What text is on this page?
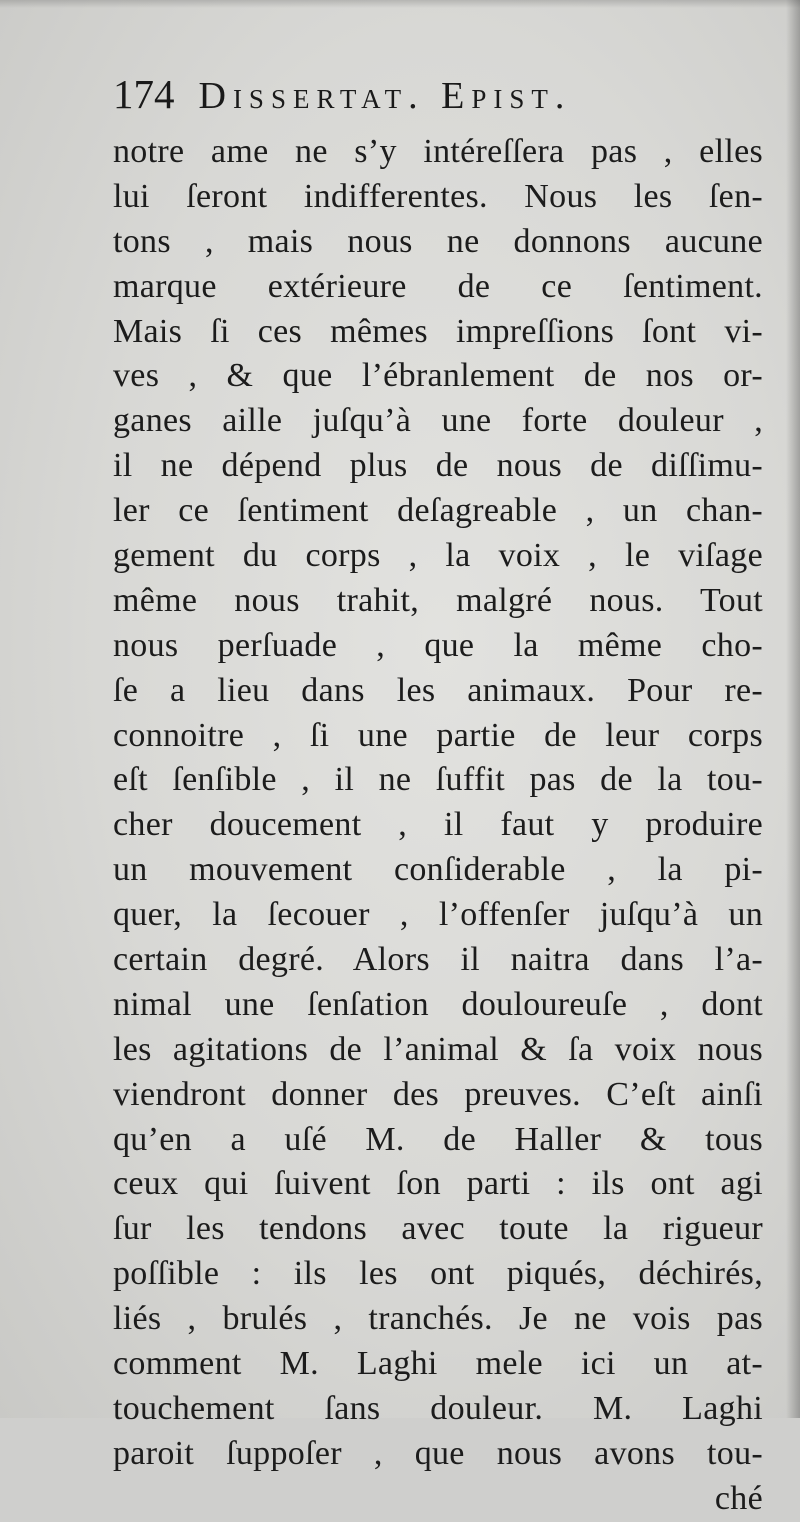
174 Dissertat. Epist.
notre ame ne s’y intéreſſera pas , elles
lui ſeront indifferentes. Nous les ſen-
tons , mais nous ne donnons aucune
marque extérieure de ce ſentiment.
Mais ſi ces mêmes impreſſions ſont vi-
ves , & que l’ébranlement de nos or-
ganes aille juſqu’à une forte douleur ,
il ne dépend plus de nous de diſſimu-
ler ce ſentiment deſagreable , un chan-
gement du corps , la voix , le viſage
même nous trahit, malgré nous. Tout
nous perſuade , que la même cho-
ſe a lieu dans les animaux. Pour re-
connoitre , ſi une partie de leur corps
eſt ſenſible , il ne ſuffit pas de la tou-
cher doucement , il faut y produire
un mouvement conſiderable , la pi-
quer, la ſecouer , l’offenſer juſqu’à un
certain degré. Alors il naitra dans l’a-
nimal une ſenſation douloureuſe , dont
les agitations de l’animal & ſa voix nous
viendront donner des preuves. C’eſt ainſi
qu’en a uſé M. de Haller & tous
ceux qui ſuivent ſon parti : ils ont agi
ſur les tendons avec toute la rigueur
poſſible : ils les ont piqués, déchirés,
liés , brulés , tranchés. Je ne vois pas
comment M. Laghi mele ici un at-
touchement ſans douleur. M. Laghi
paroit ſuppoſer , que nous avons tou-
ché
